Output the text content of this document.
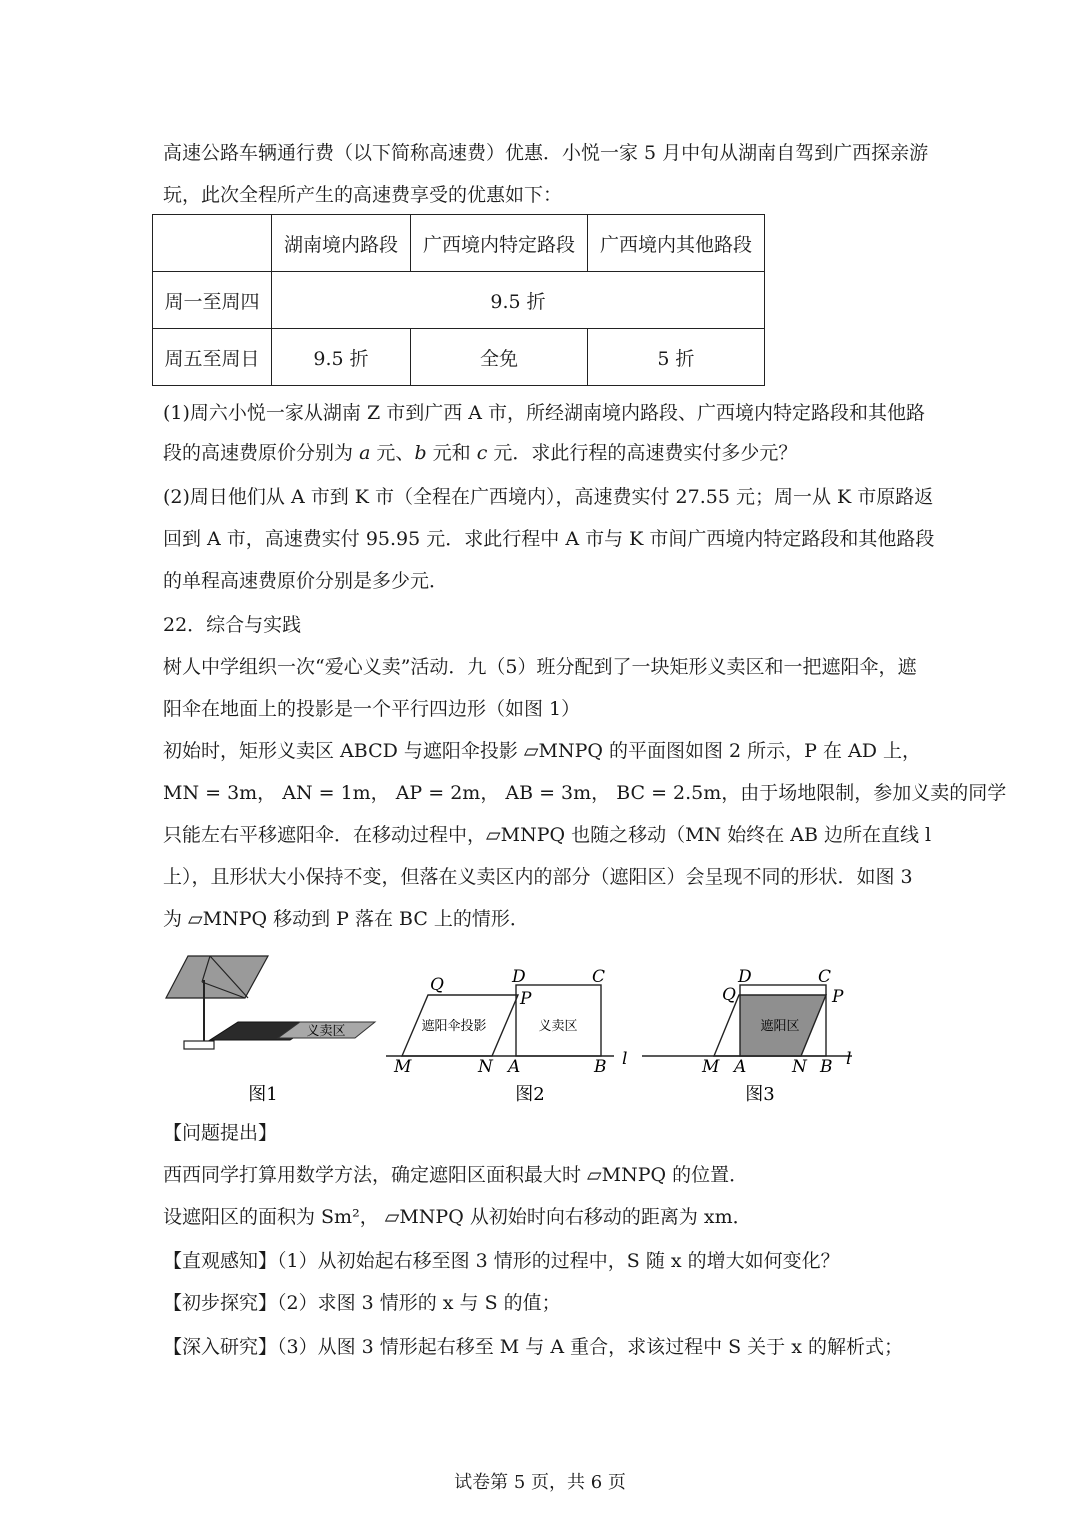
高速公路车辆通行费（以下简称高速费）优惠．小悦一家 5 月中旬从湖南自驾到广西探亲游
玩，此次全程所产生的高速费享受的优惠如下：
	湖南境内路段	广西境内特定路段	广西境内其他路段
周一至周四	9.5 折		
周五至周日	9.5 折	全免	5 折
(1)周六小悦一家从湖南 Z 市到广西 A 市，所经湖南境内路段、广西境内特定路段和其他路
段的高速费原价分别为 a 元、b 元和 c 元．求此行程的高速费实付多少元？
(2)周日他们从 A 市到 K 市（全程在广西境内），高速费实付 27.55 元；周一从 K 市原路返
回到 A 市，高速费实付 95.95 元．求此行程中 A 市与 K 市间广西境内特定路段和其他路段
的单程高速费原价分别是多少元．
22．综合与实践
树人中学组织一次“爱心义卖”活动．九（5）班分配到了一块矩形义卖区和一把遮阳伞，遮
阳伞在地面上的投影是一个平行四边形（如图 1）
初始时，矩形义卖区 ABCD 与遮阳伞投影 ▱MNPQ 的平面图如图 2 所示，P 在 AD 上，
MN = 3m， AN = 1m， AP = 2m， AB = 3m， BC = 2.5m，由于场地限制，参加义卖的同学
只能左右平移遮阳伞．在移动过程中，▱MNPQ 也随之移动（MN 始终在 AB 边所在直线 l
上），且形状大小保持不变，但落在义卖区内的部分（遮阳区）会呈现不同的形状．如图 3
为 ▱MNPQ 移动到 P 落在 BC 上的情形．
义卖区
图1
遮阳伞投影	义卖区
Q	D	C
P
M	N A	B l
图2
遮阳区
D	C
Q	P
M A	N B l
图3
【问题提出】
西西同学打算用数学方法，确定遮阳区面积最大时 ▱MNPQ 的位置．
设遮阳区的面积为 Sm²， ▱MNPQ 从初始时向右移动的距离为 xm．
【直观感知】（1）从初始起右移至图 3 情形的过程中，S 随 x 的增大如何变化？
【初步探究】（2）求图 3 情形的 x 与 S 的值；
【深入研究】（3）从图 3 情形起右移至 M 与 A 重合，求该过程中 S 关于 x 的解析式；
试卷第 5 页，共 6 页
